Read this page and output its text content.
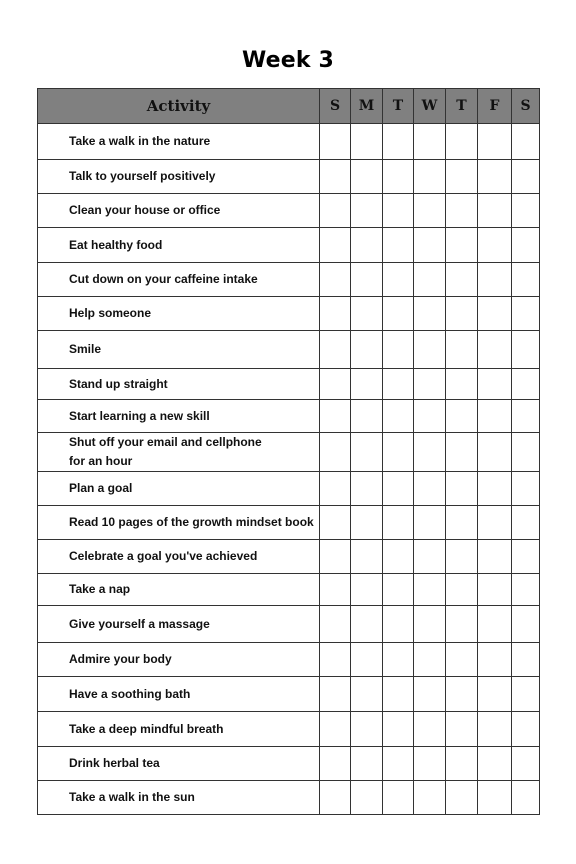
Week 3
Activity	S	M	T	W	T	F	S
Take a walk in the nature							
Talk to yourself positively							
Clean your house or office							
Eat healthy food							
Cut down on your caffeine intake							
Help someone							
Smile							
Stand up straight							
Start learning a new skill							
Shut off your email and cellphone
for an hour							
Plan a goal							
Read 10 pages of the growth mindset book							
Celebrate a goal you've achieved							
Take a nap							
Give yourself a massage							
Admire your body							
Have a soothing bath							
Take a deep mindful breath							
Drink herbal tea							
Take a walk in the sun							
